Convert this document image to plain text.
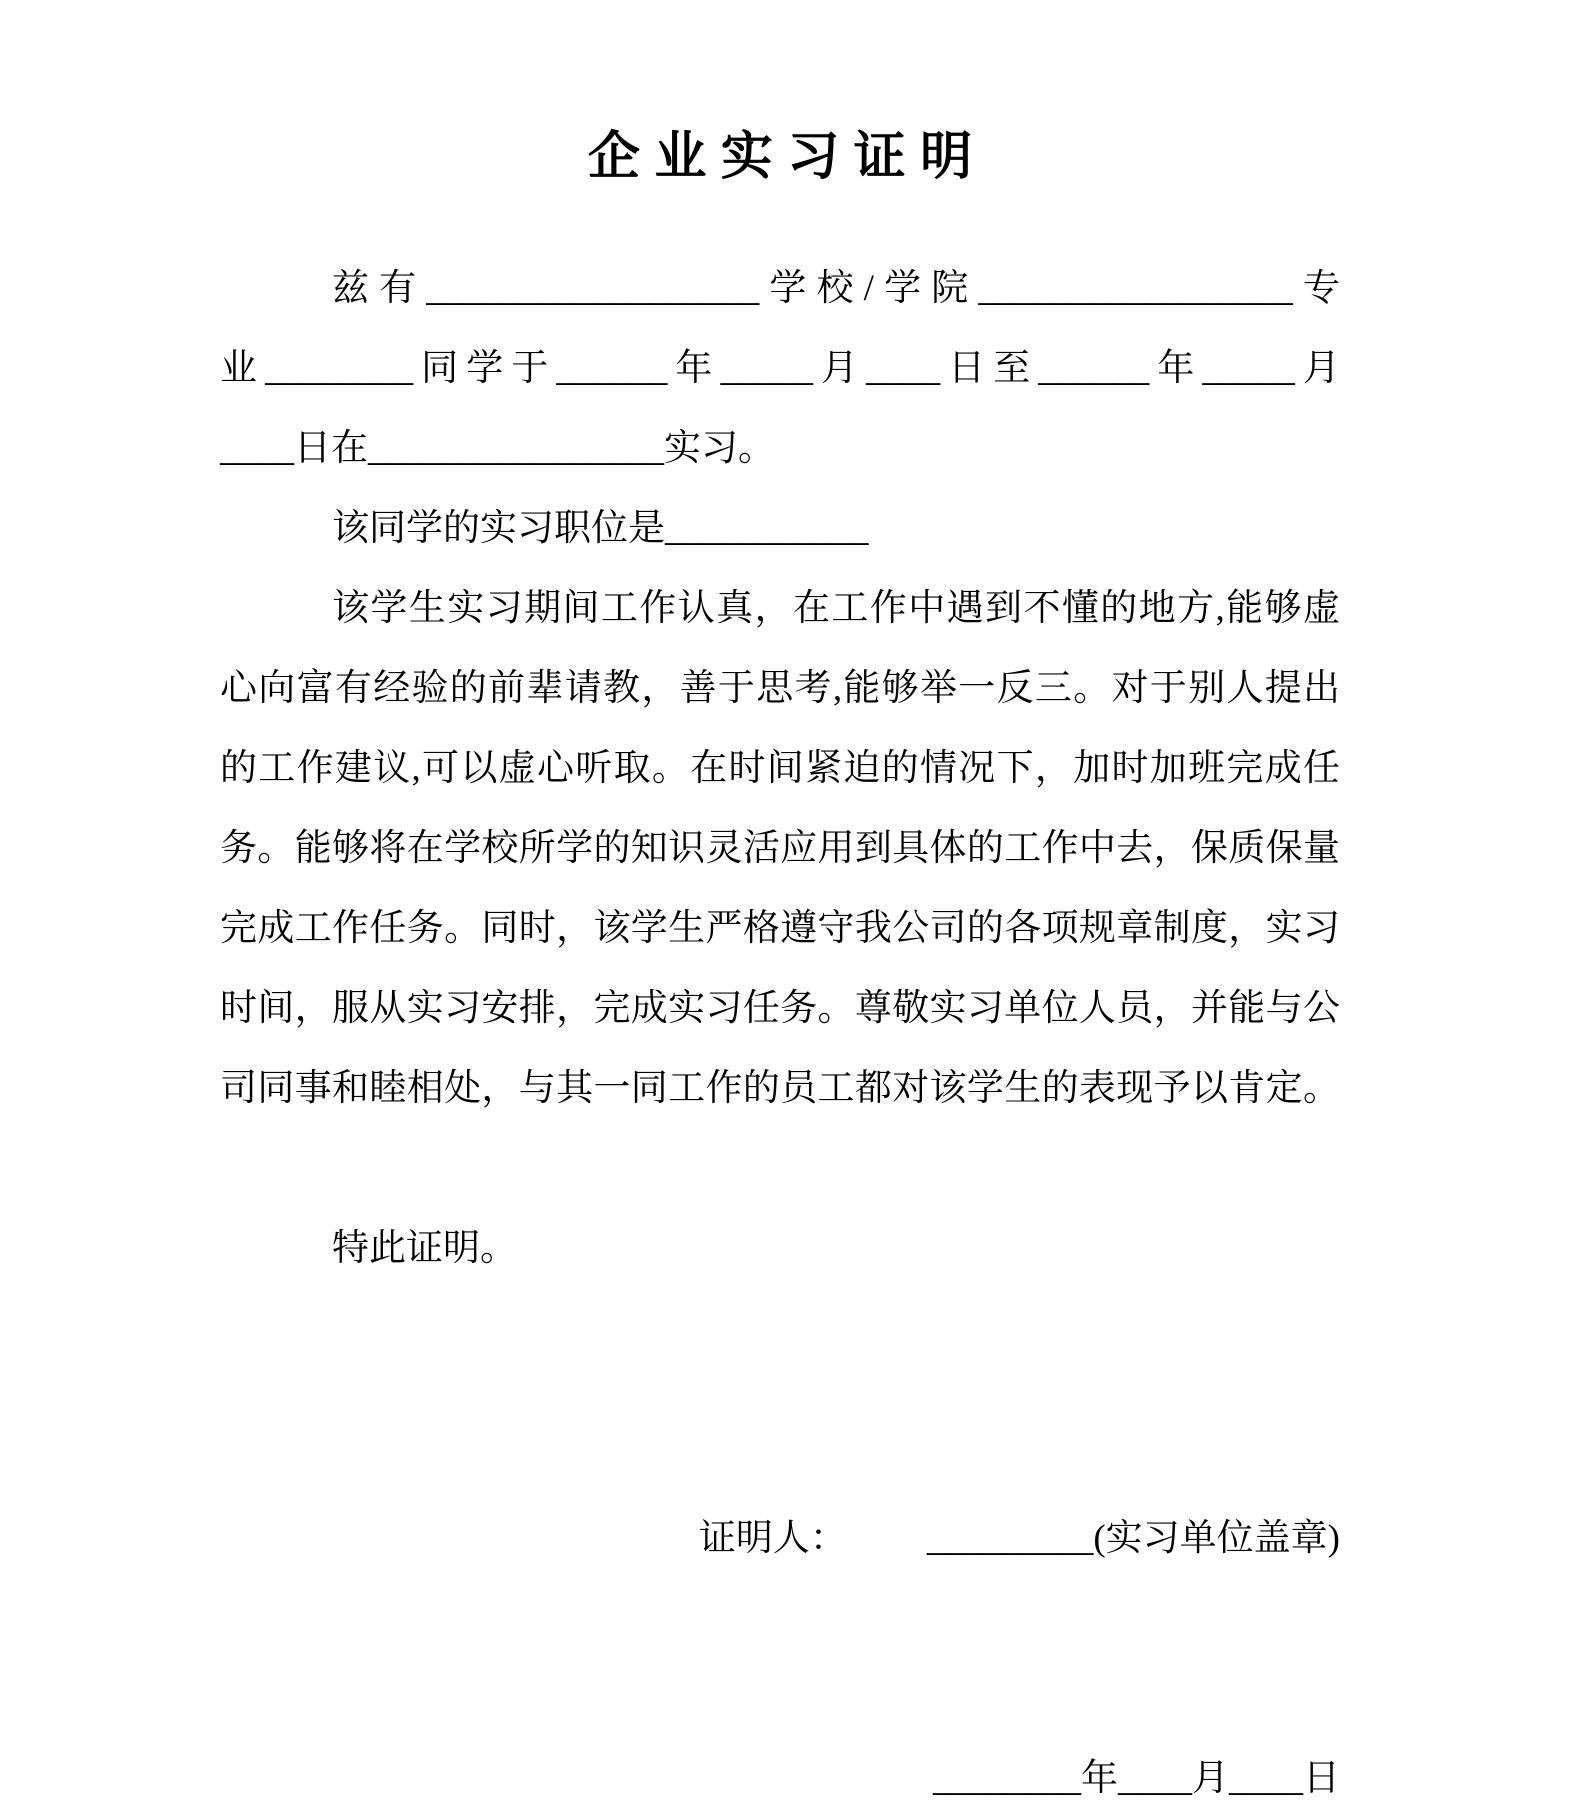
企 业 实 习 证 明
兹有__________________学校/学院_________________专
业________同学于______年_____月____日至______年_____月
____日在________________实习。
该同学的实习职位是___________
该学生实习期间工作认真，在工作中遇到不懂的地方,能够虚
心向富有经验的前辈请教，善于思考,能够举一反三。对于别人提出
的工作建议,可以虚心听取。在时间紧迫的情况下，加时加班完成任
务。能够将在学校所学的知识灵活应用到具体的工作中去，保质保量
完成工作任务。同时，该学生严格遵守我公司的各项规章制度，实习
时间，服从实习安排，完成实习任务。尊敬实习单位人员，并能与公
司同事和睦相处，与其一同工作的员工都对该学生的表现予以肯定。
特此证明。

证明人： _________(实习单位盖章)

________年____月____日
